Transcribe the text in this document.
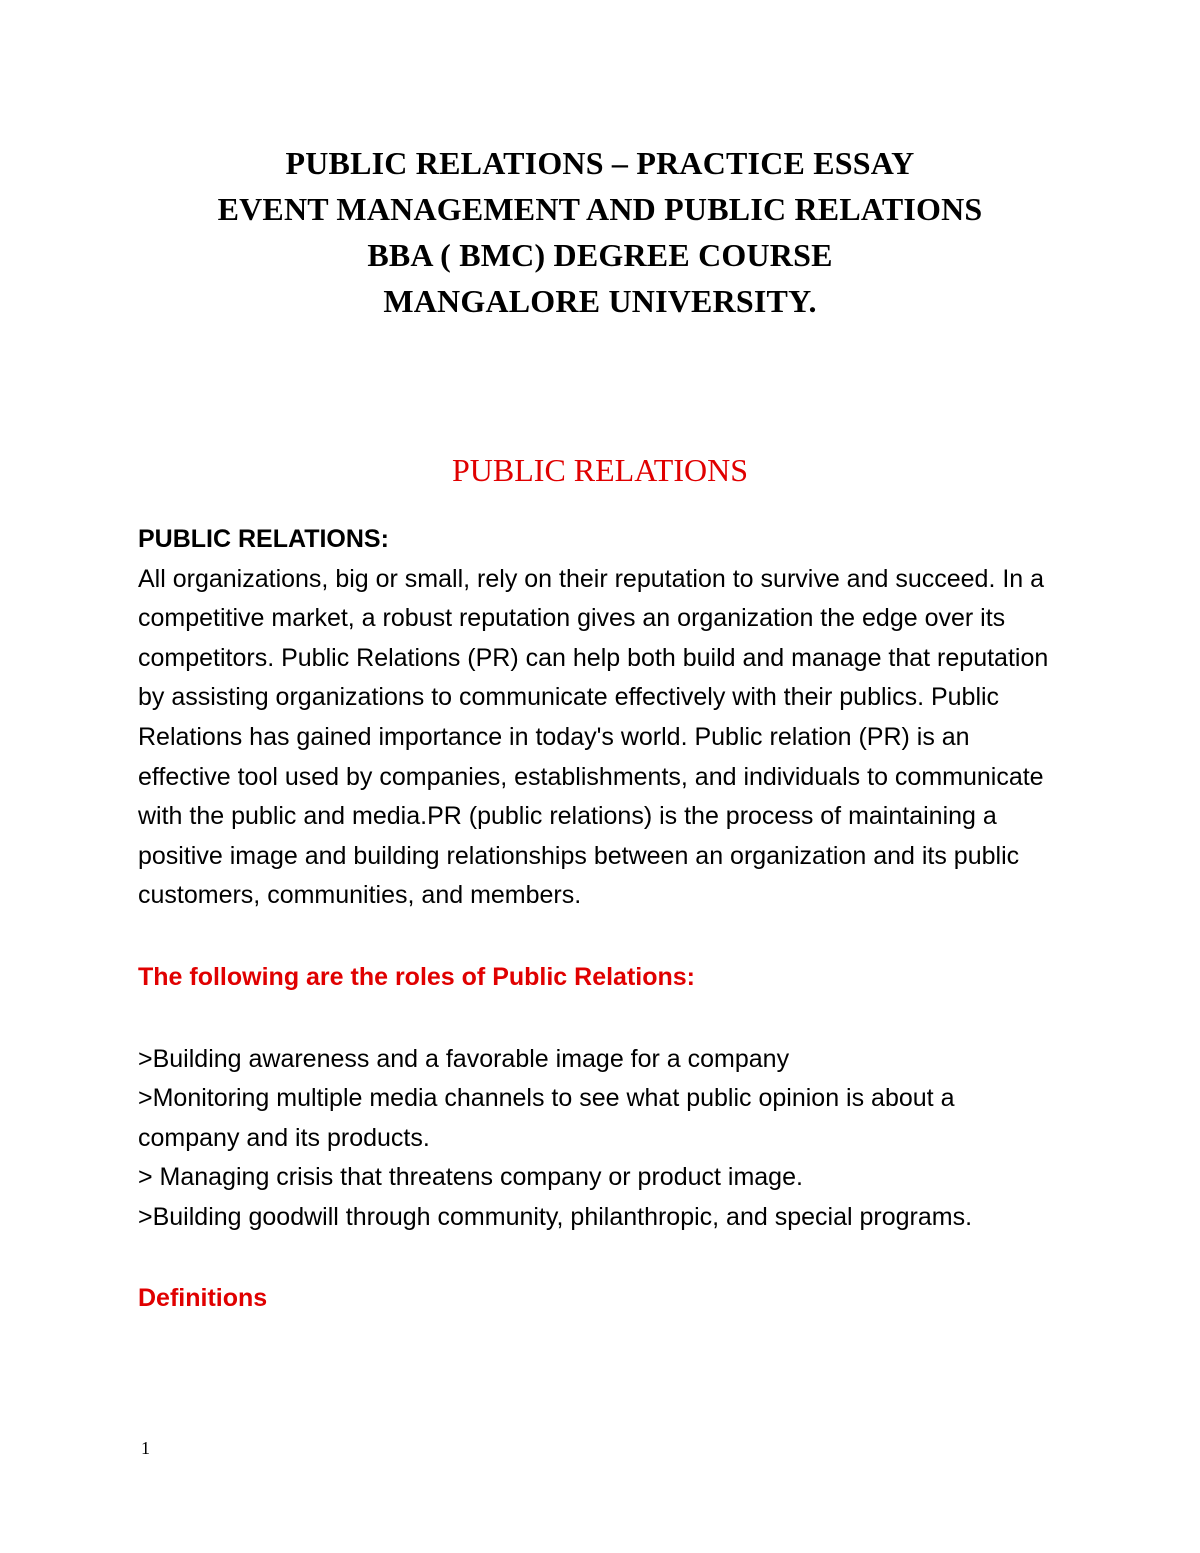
PUBLIC RELATIONS – PRACTICE ESSAY
EVENT MANAGEMENT AND PUBLIC RELATIONS
BBA ( BMC) DEGREE COURSE
MANGALORE UNIVERSITY.
PUBLIC RELATIONS

PUBLIC RELATIONS:

All organizations, big or small, rely on their reputation to survive and succeed. In a competitive market, a robust reputation gives an organization the edge over its competitors. Public Relations (PR) can help both build and manage that reputation by assisting organizations to communicate effectively with their publics. Public Relations has gained importance in today's world. Public relation (PR) is an effective tool used by companies, establishments, and individuals to communicate with the public and media.PR (public relations) is the process of maintaining a positive image and building relationships between an organization and its public customers, communities, and members.

The following are the roles of Public Relations:

>Building awareness and a favorable image for a company
>Monitoring multiple media channels to see what public opinion is about a company and its products.
> Managing crisis that threatens company or product image.
>Building goodwill through community, philanthropic, and special programs.

Definitions

1
